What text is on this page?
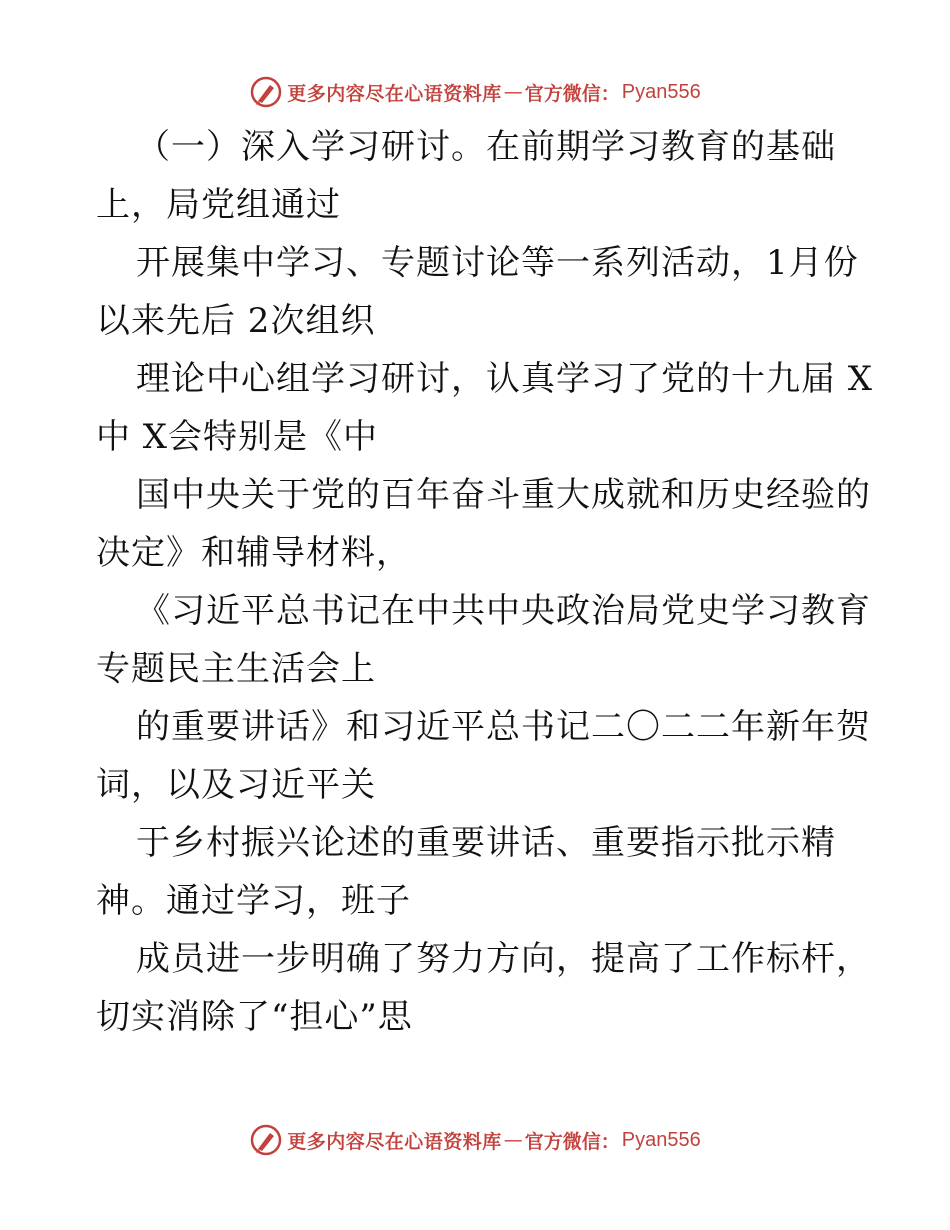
更多内容尽在心语资料库 — 官方微信： Pyan556
（一）深入学习研讨。在前期学习教育的基础
上，局党组通过
开展集中学习、专题讨论等一系列活动，1月份
以来先后 2次组织
理论中心组学习研讨，认真学习了党的十九届 X
中 X会特别是《中
国中央关于党的百年奋斗重大成就和历史经验的
决定》和辅导材料，
《习近平总书记在中共中央政治局党史学习教育
专题民主生活会上
的重要讲话》和习近平总书记二〇二二年新年贺
词，以及习近平关
于乡村振兴论述的重要讲话、重要指示批示精
神。通过学习，班子
成员进一步明确了努力方向，提高了工作标杆，
切实消除了“担心”思
更多内容尽在心语资料库 — 官方微信： Pyan556
